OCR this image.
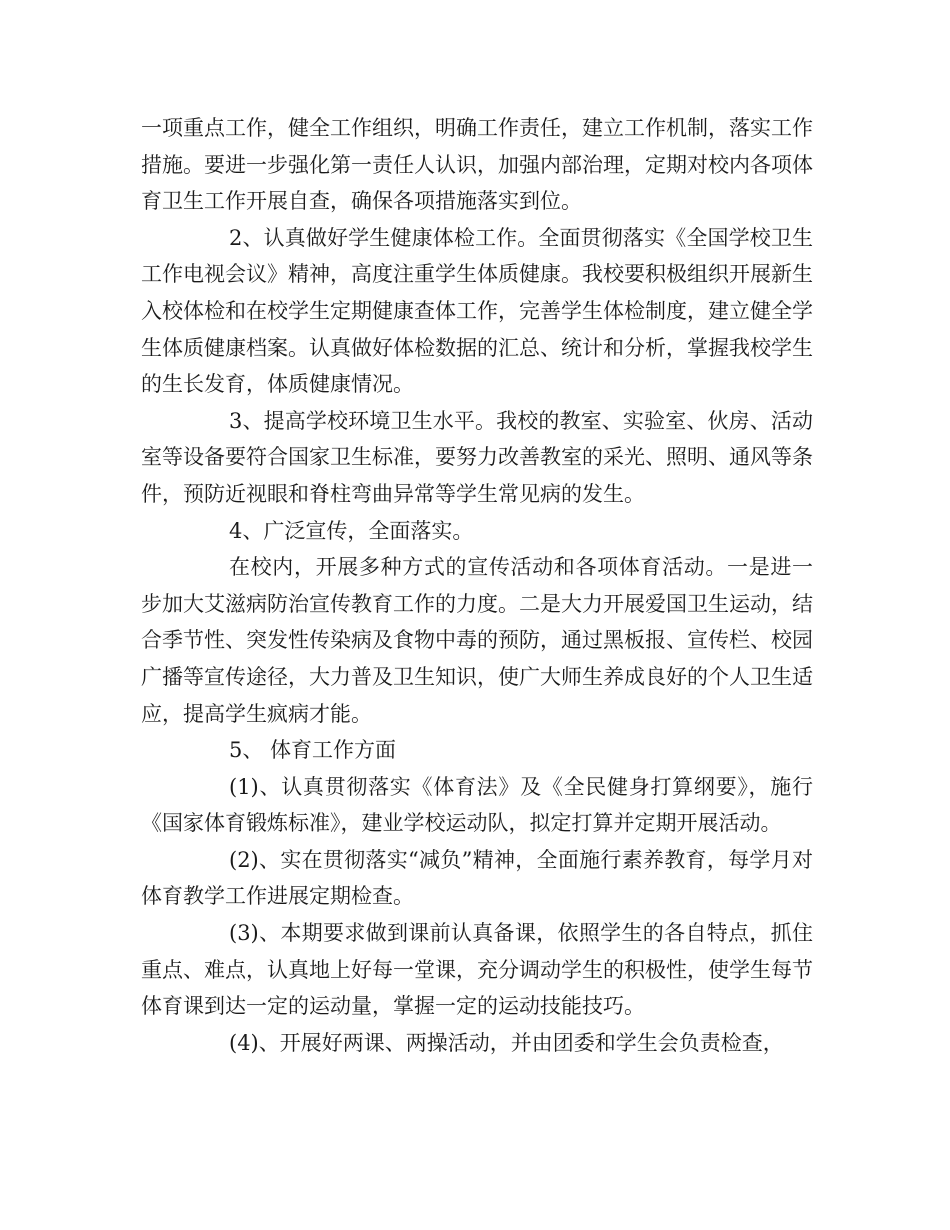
一项重点工作，健全工作组织，明确工作责任，建立工作机制，落实工作措施。要进一步强化第一责任人认识，加强内部治理，定期对校内各项体育卫生工作开展自查，确保各项措施落实到位。

2、认真做好学生健康体检工作。全面贯彻落实《全国学校卫生工作电视会议》精神，高度注重学生体质健康。我校要积极组织开展新生入校体检和在校学生定期健康查体工作，完善学生体检制度，建立健全学生体质健康档案。认真做好体检数据的汇总、统计和分析，掌握我校学生的生长发育，体质健康情况。

3、提高学校环境卫生水平。我校的教室、实验室、伙房、活动室等设备要符合国家卫生标准，要努力改善教室的采光、照明、通风等条件，预防近视眼和脊柱弯曲异常等学生常见病的发生。

4、广泛宣传，全面落实。

在校内，开展多种方式的宣传活动和各项体育活动。一是进一步加大艾滋病防治宣传教育工作的力度。二是大力开展爱国卫生运动，结合季节性、突发性传染病及食物中毒的预防，通过黑板报、宣传栏、校园广播等宣传途径，大力普及卫生知识，使广大师生养成良好的个人卫生适应，提高学生疯病才能。

5、 体育工作方面

(1)、认真贯彻落实《体育法》及《全民健身打算纲要》，施行《国家体育锻炼标准》，建业学校运动队，拟定打算并定期开展活动。

(2)、实在贯彻落实“减负”精神，全面施行素养教育，每学月对体育教学工作进展定期检查。

(3)、本期要求做到课前认真备课，依照学生的各自特点，抓住重点、难点，认真地上好每一堂课，充分调动学生的积极性，使学生每节体育课到达一定的运动量，掌握一定的运动技能技巧。

(4)、开展好两课、两操活动，并由团委和学生会负责检查，
